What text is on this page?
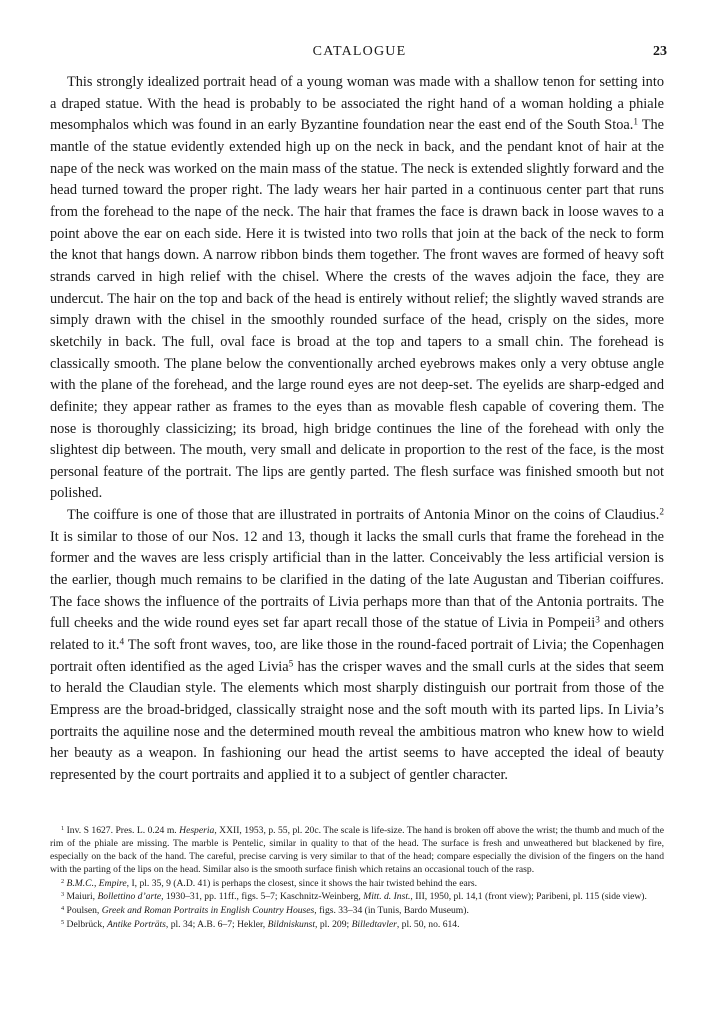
CATALOGUE	23

This strongly idealized portrait head of a young woman was made with a shallow tenon for setting into a draped statue. With the head is probably to be associated the right hand of a woman holding a phiale mesomphalos which was found in an early Byzantine foundation near the east end of the South Stoa.$^1$ The mantle of the statue evidently extended high up on the neck in back, and the pendant knot of hair at the nape of the neck was worked on the main mass of the statue. The neck is extended slightly forward and the head turned toward the proper right. The lady wears her hair parted in a continuous center part that runs from the forehead to the nape of the neck. The hair that frames the face is drawn back in loose waves to a point above the ear on each side. Here it is twisted into two rolls that join at the back of the neck to form the knot that hangs down. A narrow ribbon binds them together. The front waves are formed of heavy soft strands carved in high relief with the chisel. Where the crests of the waves adjoin the face, they are undercut. The hair on the top and back of the head is entirely without relief; the slightly waved strands are simply drawn with the chisel in the smoothly rounded surface of the head, crisply on the sides, more sketchily in back. The full, oval face is broad at the top and tapers to a small chin. The forehead is classically smooth. The plane below the conventionally arched eyebrows makes only a very obtuse angle with the plane of the forehead, and the large round eyes are not deep-set. The eyelids are sharp-edged and definite; they appear rather as frames to the eyes than as movable flesh capable of covering them. The nose is thoroughly classicizing; its broad, high bridge continues the line of the forehead with only the slightest dip between. The mouth, very small and delicate in proportion to the rest of the face, is the most personal feature of the portrait. The lips are gently parted. The flesh surface was finished smooth but not polished.

The coiffure is one of those that are illustrated in portraits of Antonia Minor on the coins of Claudius.$^2$ It is similar to those of our Nos. 12 and 13, though it lacks the small curls that frame the forehead in the former and the waves are less crisply artificial than in the latter. Conceivably the less artificial version is the earlier, though much remains to be clarified in the dating of the late Augustan and Tiberian coiffures. The face shows the influence of the portraits of Livia perhaps more than that of the Antonia portraits. The full cheeks and the wide round eyes set far apart recall those of the statue of Livia in Pompeii$^3$ and others related to it.$^4$ The soft front waves, too, are like those in the round-faced portrait of Livia; the Copenhagen portrait often identified as the aged Livia$^5$ has the crisper waves and the small curls at the sides that seem to herald the Claudian style. The elements which most sharply distinguish our portrait from those of the Empress are the broad-bridged, classically straight nose and the soft mouth with its parted lips. In Livia’s portraits the aquiline nose and the determined mouth reveal the ambitious matron who knew how to wield her beauty as a weapon. In fashioning our head the artist seems to have accepted the ideal of beauty represented by the court portraits and applied it to a subject of gentler character.

$^1$ Inv. S 1627. Pres. L. 0.24 m. Hesperia, XXII, 1953, p. 55, pl. 20c. The scale is life-size. The hand is broken off above the wrist; the thumb and much of the rim of the phiale are missing. The marble is Pentelic, similar in quality to that of the head. The surface is fresh and unweathered but blackened by fire, especially on the back of the hand. The careful, precise carving is very similar to that of the head; compare especially the division of the fingers on the hand with the parting of the lips on the head. Similar also is the smooth surface finish which retains an occasional touch of the rasp.

$^2$ B.M.C., Empire, I, pl. 35, 9 (A.D. 41) is perhaps the closest, since it shows the hair twisted behind the ears.

$^3$ Maiuri, Bollettino d’arte, 1930–31, pp. 11ff., figs. 5–7; Kaschnitz-Weinberg, Mitt. d. Inst., III, 1950, pl. 14,1 (front view); Paribeni, pl. 115 (side view).

$^4$ Poulsen, Greek and Roman Portraits in English Country Houses, figs. 33–34 (in Tunis, Bardo Museum).

$^5$ Delbrück, Antike Porträts, pl. 34; A.B. 6–7; Hekler, Bildniskunst, pl. 209; Billedtavler, pl. 50, no. 614.
